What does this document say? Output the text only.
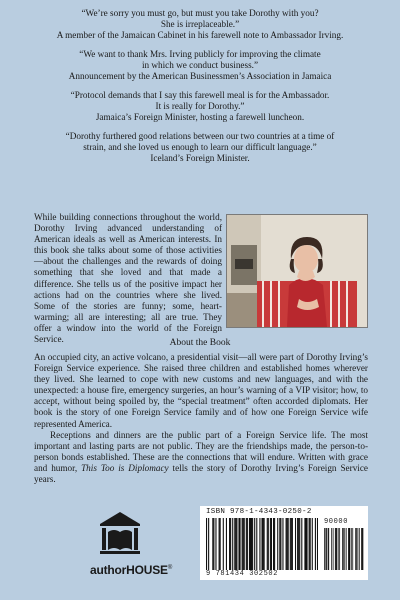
“We’re sorry you must go, but must you take Dorothy with you?
She is irreplaceable.”
A member of the Jamaican Cabinet in his farewell note to Ambassador Irving.
“We want to thank Mrs. Irving publicly for improving the climate
in which we conduct business.”
Announcement by the American Businessmen’s Association in Jamaica
“Protocol demands that I say this farewell meal is for the Ambassador.
It is really for Dorothy.”
Jamaica’s Foreign Minister, hosting a farewell luncheon.
“Dorothy furthered good relations between our two countries at a time of
strain, and she loved us enough to learn our difficult language.”
Iceland’s Foreign Minister.
While building connections throughout the world, Dorothy Irving advanced understanding of American ideals as well as American interests. In this book she talks about some of those activities—about the challenges and the rewards of doing something that she loved and that made a difference. She tells us of the positive impact her actions had on the countries where she lived. Some of the stories are funny; some, heart-warming; all are interesting; all are true. They offer a window into the world of the Foreign Service.	About the Book

An occupied city, an active volcano, a presidential visit—all were part of Dorothy Irving’s Foreign Service experience. She raised three children and established homes wherever they lived. She learned to cope with new customs and new languages, and with the unexpected: a house fire, emergency surgeries, an hour’s warning of a VIP visitor; how, to accept, without being spoiled by, the “special treatment” often accorded diplomats. Her book is the story of one Foreign Service family and of how one Foreign Service wife represented America.

Receptions and dinners are the public part of a Foreign Service life. The most important and lasting parts are not public. They are the friendships made, the person-to-person bonds established. These are the connections that will endure. Written with grace and humor, This Too is Diplomacy tells the story of Dorothy Irving’s Foreign Service years.

authorHOUSE®
ISBN 978-1-4343-0250-2
90000
9 781434 302502
